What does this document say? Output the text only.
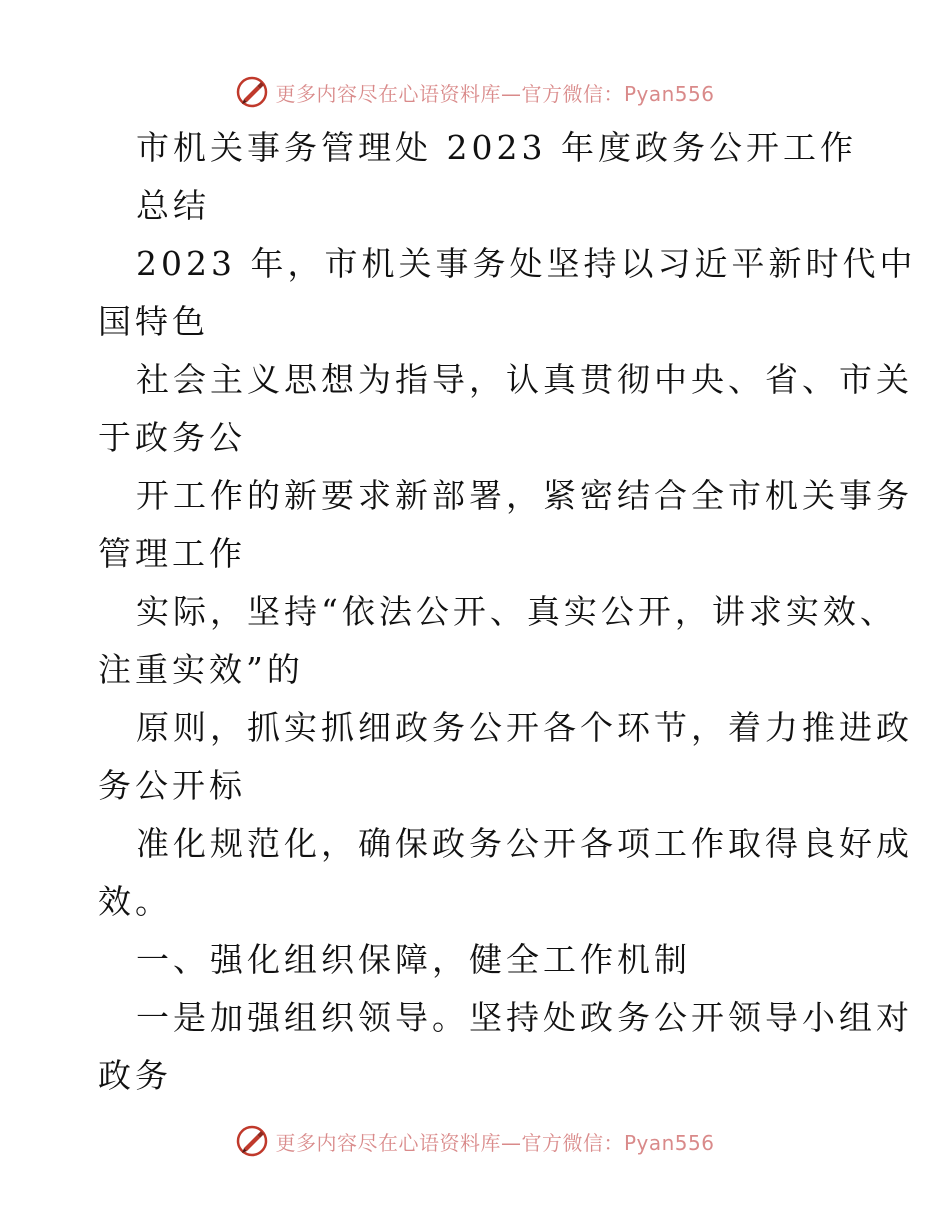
更多内容尽在心语资料库—官方微信：Pyan556
市机关事务管理处 2023 年度政务公开工作
总结
2023 年，市机关事务处坚持以习近平新时代中
国特色
社会主义思想为指导，认真贯彻中央、省、市关
于政务公
开工作的新要求新部署，紧密结合全市机关事务
管理工作
实际，坚持“依法公开、真实公开，讲求实效、
注重实效”的
原则，抓实抓细政务公开各个环节，着力推进政
务公开标
准化规范化，确保政务公开各项工作取得良好成
效。
一、强化组织保障，健全工作机制
一是加强组织领导。坚持处政务公开领导小组对
政务
更多内容尽在心语资料库—官方微信：Pyan556
